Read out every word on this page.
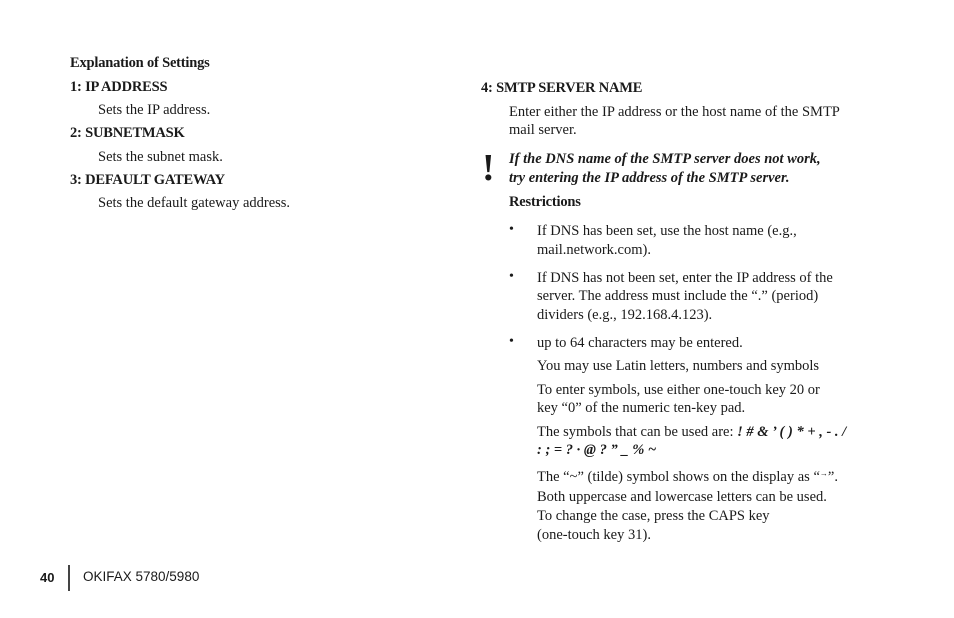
Explanation of Settings
1: IP ADDRESS
Sets the IP address.
2: SUBNETMASK
Sets the subnet mask.
3: DEFAULT GATEWAY
Sets the default gateway address.
4: SMTP SERVER NAME
Enter either the IP address or the host name of the SMTP
mail server.
! If the DNS name of the SMTP server does not work,
try entering the IP address of the SMTP server.
Restrictions
• If DNS has been set, use the host name (e.g.,
mail.network.com).
• If DNS has not been set, enter the IP address of the
server. The address must include the “.” (period)
dividers (e.g., 192.168.4.123).
• up to 64 characters may be entered.
You may use Latin letters, numbers and symbols
To enter symbols, use either one-touch key 20 or
key “0” of the numeric ten-key pad.
The symbols that can be used are: ! # & ’ ( ) * + , - . /
: ; = ? · @ ? ” _ % ~
The “~” (tilde) symbol shows on the display as “→”.
Both uppercase and lowercase letters can be used.
To change the case, press the CAPS key
(one-touch key 31).
40 OKIFAX 5780/5980
